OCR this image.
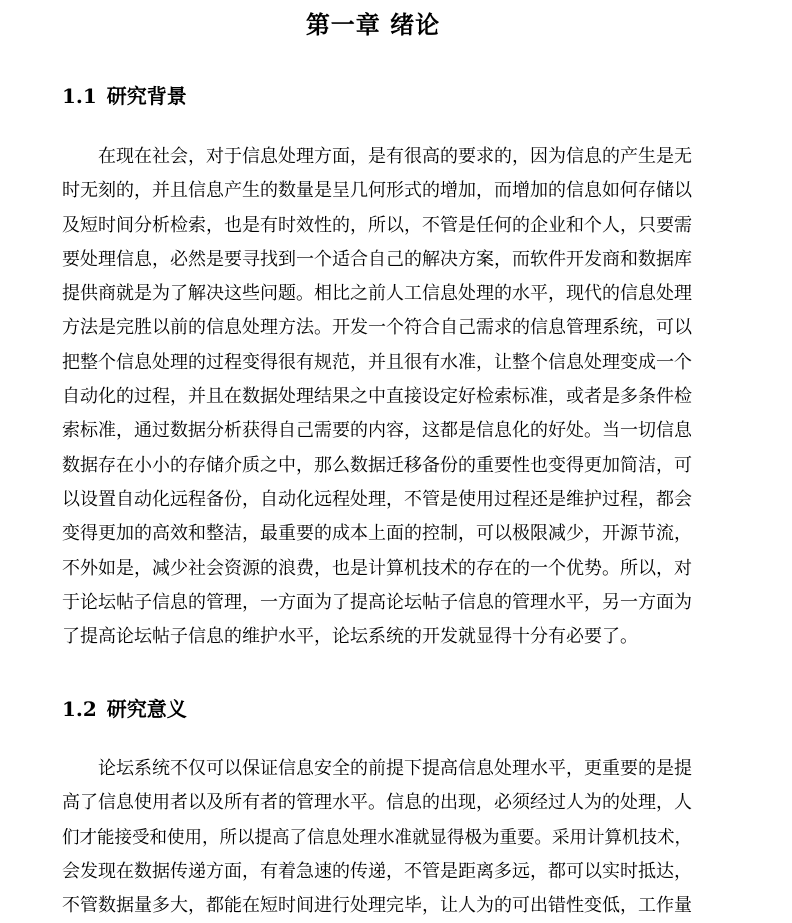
第一章 绪论
1.1 研究背景
在现在社会，对于信息处理方面，是有很高的要求的，因为信息的产生是无
时无刻的，并且信息产生的数量是呈几何形式的增加，而增加的信息如何存储以
及短时间分析检索，也是有时效性的，所以，不管是任何的企业和个人，只要需
要处理信息，必然是要寻找到一个适合自己的解决方案，而软件开发商和数据库
提供商就是为了解决这些问题。相比之前人工信息处理的水平，现代的信息处理
方法是完胜以前的信息处理方法。开发一个符合自己需求的信息管理系统，可以
把整个信息处理的过程变得很有规范，并且很有水准，让整个信息处理变成一个
自动化的过程，并且在数据处理结果之中直接设定好检索标准，或者是多条件检
索标准，通过数据分析获得自己需要的内容，这都是信息化的好处。当一切信息
数据存在小小的存储介质之中，那么数据迁移备份的重要性也变得更加简洁，可
以设置自动化远程备份，自动化远程处理，不管是使用过程还是维护过程，都会
变得更加的高效和整洁，最重要的成本上面的控制，可以极限减少，开源节流，
不外如是，减少社会资源的浪费，也是计算机技术的存在的一个优势。所以，对
于论坛帖子信息的管理，一方面为了提高论坛帖子信息的管理水平，另一方面为
了提高论坛帖子信息的维护水平，论坛系统的开发就显得十分有必要了。
1.2 研究意义
论坛系统不仅可以保证信息安全的前提下提高信息处理水平，更重要的是提
高了信息使用者以及所有者的管理水平。信息的出现，必须经过人为的处理，人
们才能接受和使用，所以提高了信息处理水准就显得极为重要。采用计算机技术，
会发现在数据传递方面，有着急速的传递，不管是距离多远，都可以实时抵达，
不管数据量多大，都能在短时间进行处理完毕，让人为的可出错性变低，工作量
